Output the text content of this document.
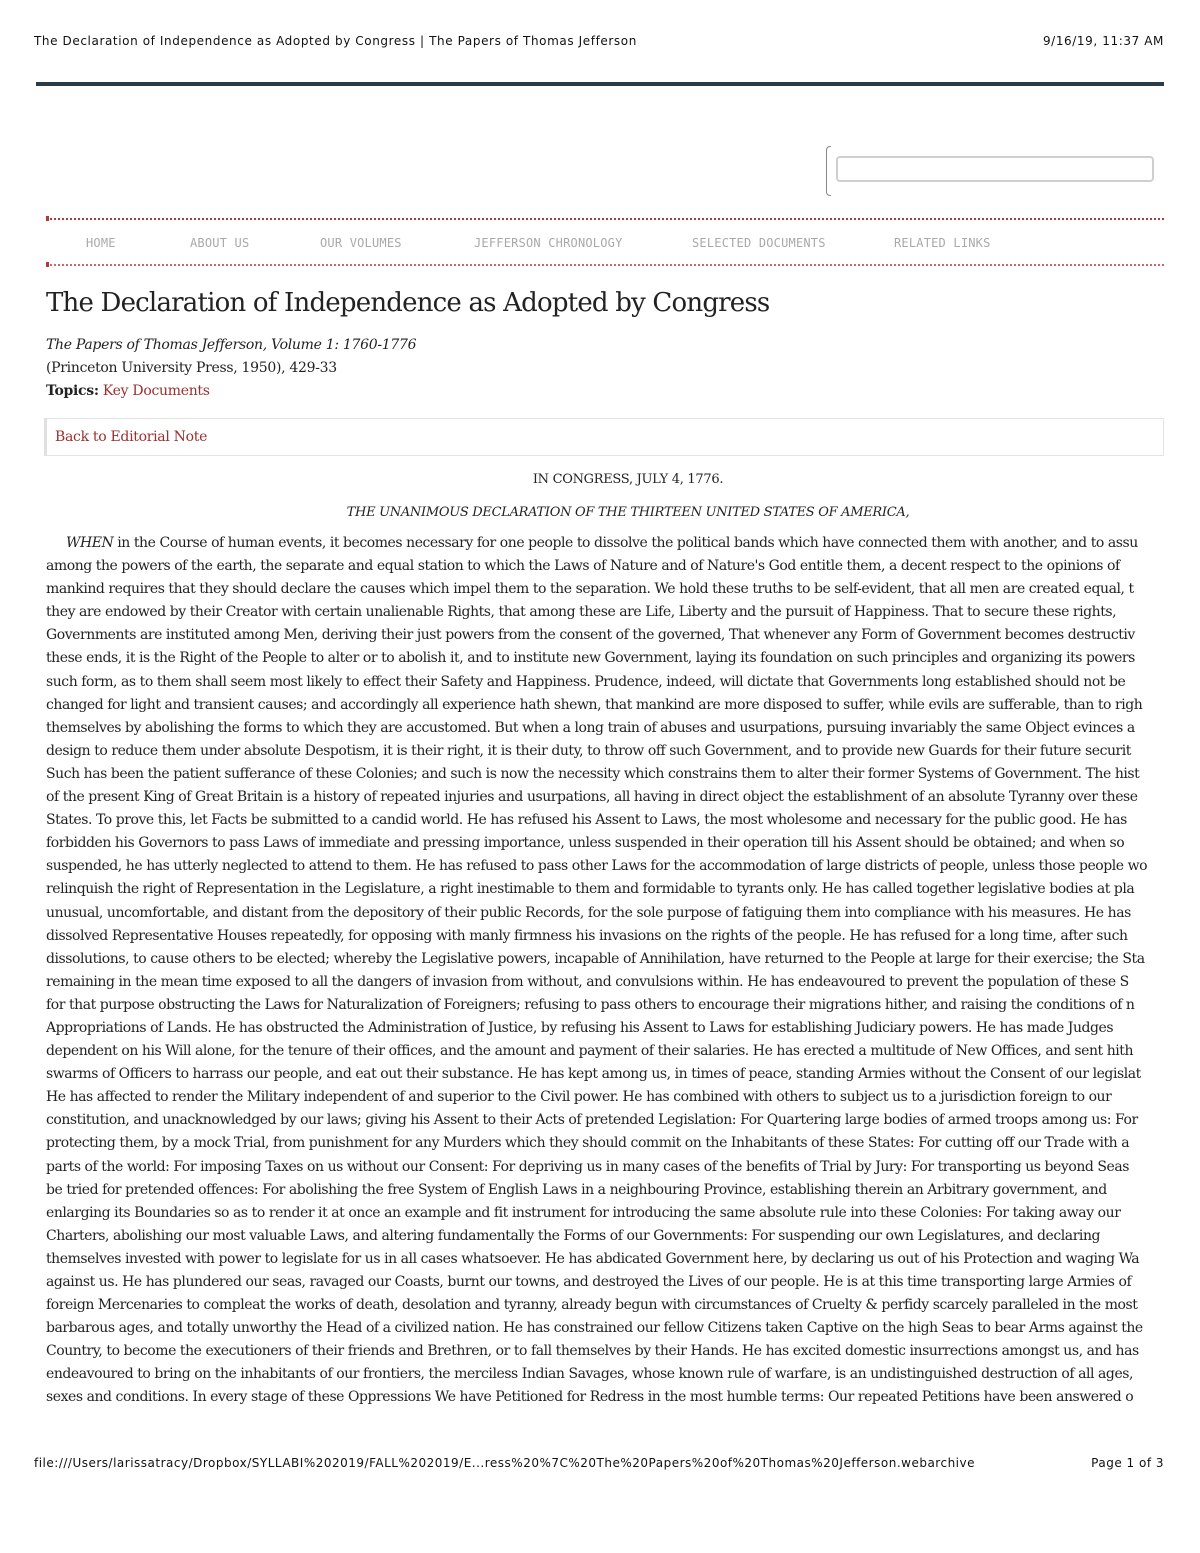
The Declaration of Independence as Adopted by Congress | The Papers of Thomas Jefferson	9/16/19, 11:37 AM
HOME	ABOUT US	OUR VOLUMES	JEFFERSON CHRONOLOGY	SELECTED DOCUMENTS	RELATED LINKS
The Declaration of Independence as Adopted by Congress
The Papers of Thomas Jefferson, Volume 1: 1760-1776
(Princeton University Press, 1950), 429-33
Topics: Key Documents
Back to Editorial Note
IN CONGRESS, JULY 4, 1776.
THE UNANIMOUS DECLARATION OF THE THIRTEEN UNITED STATES OF AMERICA,
WHEN in the Course of human events, it becomes necessary for one people to dissolve the political bands which have connected them with another, and to assu
among the powers of the earth, the separate and equal station to which the Laws of Nature and of Nature's God entitle them, a decent respect to the opinions of
mankind requires that they should declare the causes which impel them to the separation. We hold these truths to be self-evident, that all men are created equal, t
they are endowed by their Creator with certain unalienable Rights, that among these are Life, Liberty and the pursuit of Happiness. That to secure these rights,
Governments are instituted among Men, deriving their just powers from the consent of the governed, That whenever any Form of Government becomes destructiv
these ends, it is the Right of the People to alter or to abolish it, and to institute new Government, laying its foundation on such principles and organizing its powers
such form, as to them shall seem most likely to effect their Safety and Happiness. Prudence, indeed, will dictate that Governments long established should not be
changed for light and transient causes; and accordingly all experience hath shewn, that mankind are more disposed to suffer, while evils are sufferable, than to righ
themselves by abolishing the forms to which they are accustomed. But when a long train of abuses and usurpations, pursuing invariably the same Object evinces a
design to reduce them under absolute Despotism, it is their right, it is their duty, to throw off such Government, and to provide new Guards for their future securit
Such has been the patient sufferance of these Colonies; and such is now the necessity which constrains them to alter their former Systems of Government. The hist
of the present King of Great Britain is a history of repeated injuries and usurpations, all having in direct object the establishment of an absolute Tyranny over these
States. To prove this, let Facts be submitted to a candid world. He has refused his Assent to Laws, the most wholesome and necessary for the public good. He has
forbidden his Governors to pass Laws of immediate and pressing importance, unless suspended in their operation till his Assent should be obtained; and when so
suspended, he has utterly neglected to attend to them. He has refused to pass other Laws for the accommodation of large districts of people, unless those people wo
relinquish the right of Representation in the Legislature, a right inestimable to them and formidable to tyrants only. He has called together legislative bodies at pla
unusual, uncomfortable, and distant from the depository of their public Records, for the sole purpose of fatiguing them into compliance with his measures. He has
dissolved Representative Houses repeatedly, for opposing with manly firmness his invasions on the rights of the people. He has refused for a long time, after such
dissolutions, to cause others to be elected; whereby the Legislative powers, incapable of Annihilation, have returned to the People at large for their exercise; the Sta
remaining in the mean time exposed to all the dangers of invasion from without, and convulsions within. He has endeavoured to prevent the population of these S
for that purpose obstructing the Laws for Naturalization of Foreigners; refusing to pass others to encourage their migrations hither, and raising the conditions of n
Appropriations of Lands. He has obstructed the Administration of Justice, by refusing his Assent to Laws for establishing Judiciary powers. He has made Judges
dependent on his Will alone, for the tenure of their offices, and the amount and payment of their salaries. He has erected a multitude of New Offices, and sent hith
swarms of Officers to harrass our people, and eat out their substance. He has kept among us, in times of peace, standing Armies without the Consent of our legislat
He has affected to render the Military independent of and superior to the Civil power. He has combined with others to subject us to a jurisdiction foreign to our
constitution, and unacknowledged by our laws; giving his Assent to their Acts of pretended Legislation: For Quartering large bodies of armed troops among us: For
protecting them, by a mock Trial, from punishment for any Murders which they should commit on the Inhabitants of these States: For cutting off our Trade with a
parts of the world: For imposing Taxes on us without our Consent: For depriving us in many cases of the benefits of Trial by Jury: For transporting us beyond Seas
be tried for pretended offences: For abolishing the free System of English Laws in a neighbouring Province, establishing therein an Arbitrary government, and
enlarging its Boundaries so as to render it at once an example and fit instrument for introducing the same absolute rule into these Colonies: For taking away our
Charters, abolishing our most valuable Laws, and altering fundamentally the Forms of our Governments: For suspending our own Legislatures, and declaring
themselves invested with power to legislate for us in all cases whatsoever. He has abdicated Government here, by declaring us out of his Protection and waging Wa
against us. He has plundered our seas, ravaged our Coasts, burnt our towns, and destroyed the Lives of our people. He is at this time transporting large Armies of
foreign Mercenaries to compleat the works of death, desolation and tyranny, already begun with circumstances of Cruelty & perfidy scarcely paralleled in the most
barbarous ages, and totally unworthy the Head of a civilized nation. He has constrained our fellow Citizens taken Captive on the high Seas to bear Arms against the
Country, to become the executioners of their friends and Brethren, or to fall themselves by their Hands. He has excited domestic insurrections amongst us, and has
endeavoured to bring on the inhabitants of our frontiers, the merciless Indian Savages, whose known rule of warfare, is an undistinguished destruction of all ages,
sexes and conditions. In every stage of these Oppressions We have Petitioned for Redress in the most humble terms: Our repeated Petitions have been answered o
file:///Users/larissatracy/Dropbox/SYLLABI%202019/FALL%202019/E...ress%20%7C%20The%20Papers%20of%20Thomas%20Jefferson.webarchive	Page 1 of 3
